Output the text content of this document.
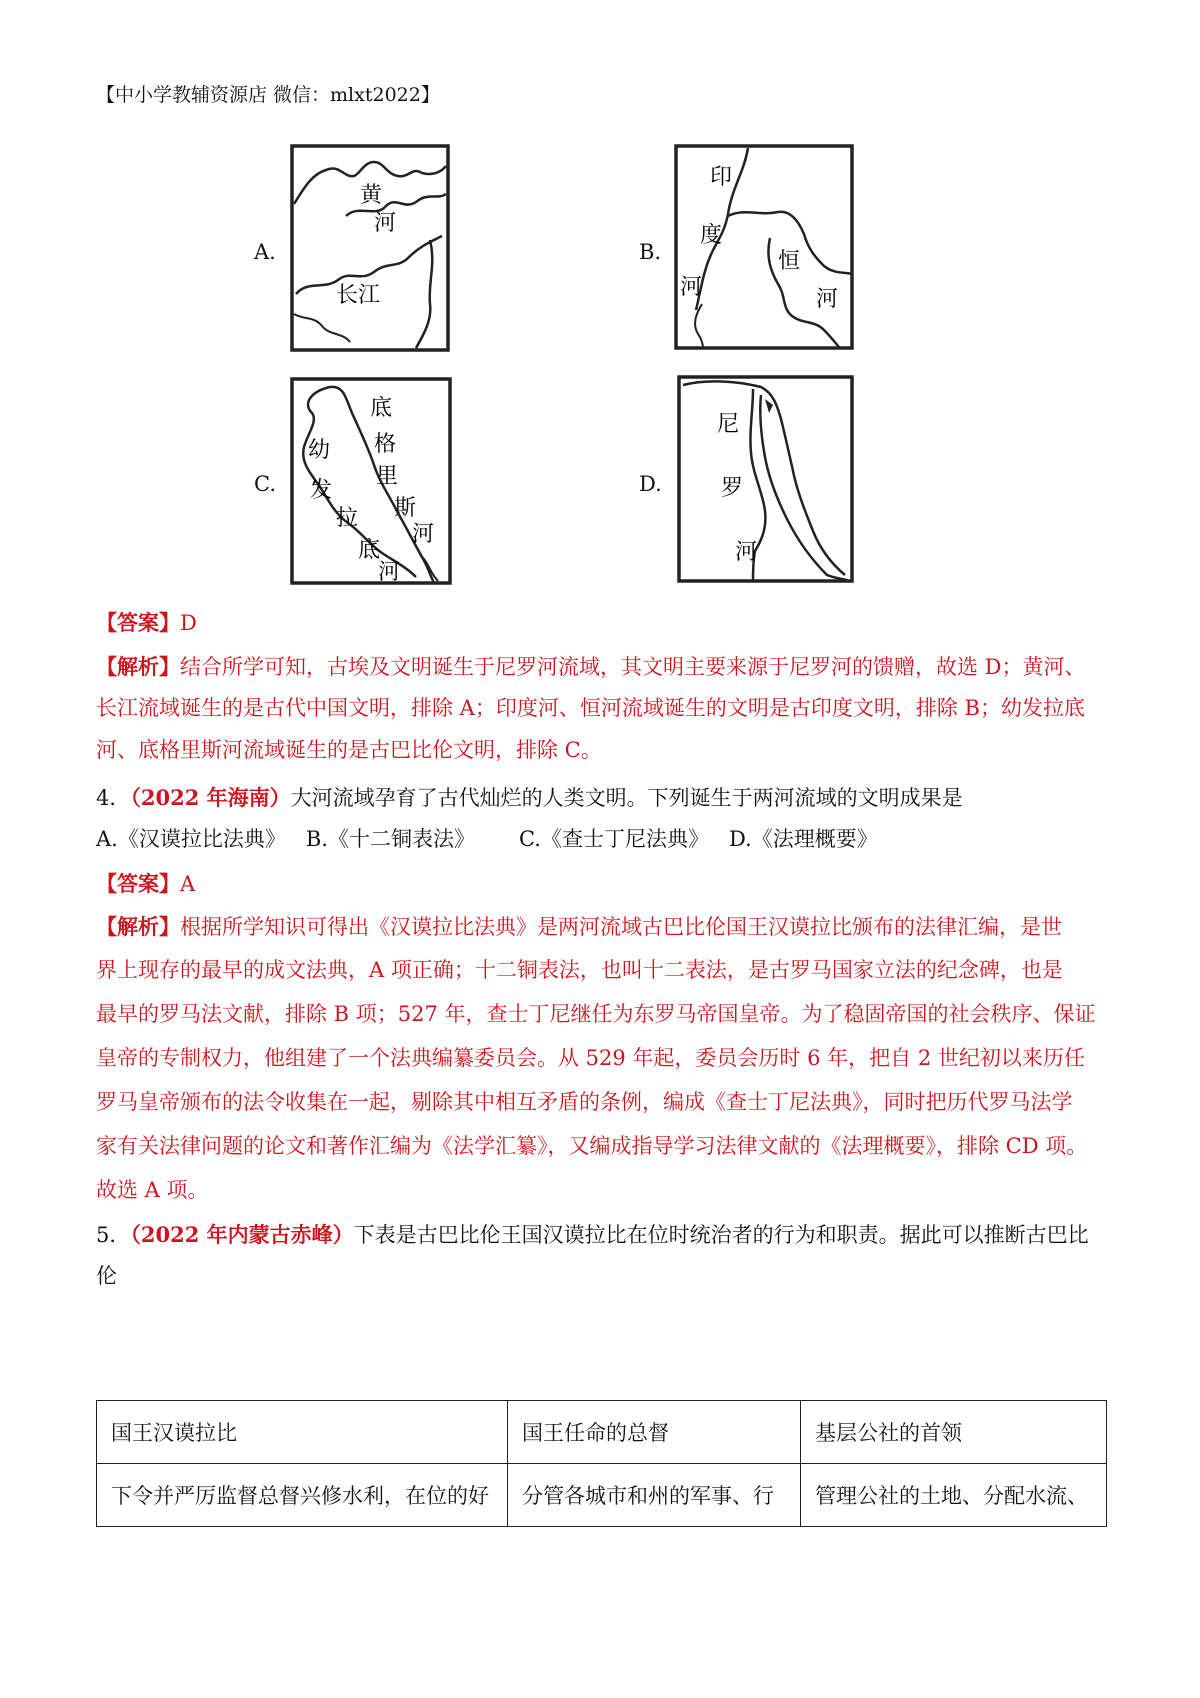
【中小学教辅资源店 微信：mlxt2022】
A.
黄
河
长江
B.
印
度
河
恒
河
C.
底
格
里
斯
河
幼
发
拉
底
河
D.
尼
罗
河
【答案】D
【解析】结合所学可知，古埃及文明诞生于尼罗河流域，其文明主要来源于尼罗河的馈赠，故选 D；黄河、
长江流域诞生的是古代中国文明，排除 A；印度河、恒河流域诞生的文明是古印度文明，排除 B；幼发拉底
河、底格里斯河流域诞生的是古巴比伦文明，排除 C。
4．（2022 年海南）大河流域孕育了古代灿烂的人类文明。下列诞生于两河流域的文明成果是
A.《汉谟拉比法典》 B.《十二铜表法》 C.《查士丁尼法典》 D.《法理概要》
【答案】A
【解析】根据所学知识可得出《汉谟拉比法典》是两河流域古巴比伦国王汉谟拉比颁布的法律汇编，是世
界上现存的最早的成文法典，A 项正确；十二铜表法，也叫十二表法，是古罗马国家立法的纪念碑，也是
最早的罗马法文献，排除 B 项；527 年，查士丁尼继任为东罗马帝国皇帝。为了稳固帝国的社会秩序、保证
皇帝的专制权力，他组建了一个法典编纂委员会。从 529 年起，委员会历时 6 年，把自 2 世纪初以来历任
罗马皇帝颁布的法令收集在一起，剔除其中相互矛盾的条例，编成《查士丁尼法典》，同时把历代罗马法学
家有关法律问题的论文和著作汇编为《法学汇纂》，又编成指导学习法律文献的《法理概要》，排除 CD 项。
故选 A 项。
5．（2022 年内蒙古赤峰）下表是古巴比伦王国汉谟拉比在位时统治者的行为和职责。据此可以推断古巴比
伦
国王汉谟拉比	国王任命的总督	基层公社的首领
下令并严厉监督总督兴修水利，在位的好	分管各城市和州的军事、行	管理公社的土地、分配水流、
